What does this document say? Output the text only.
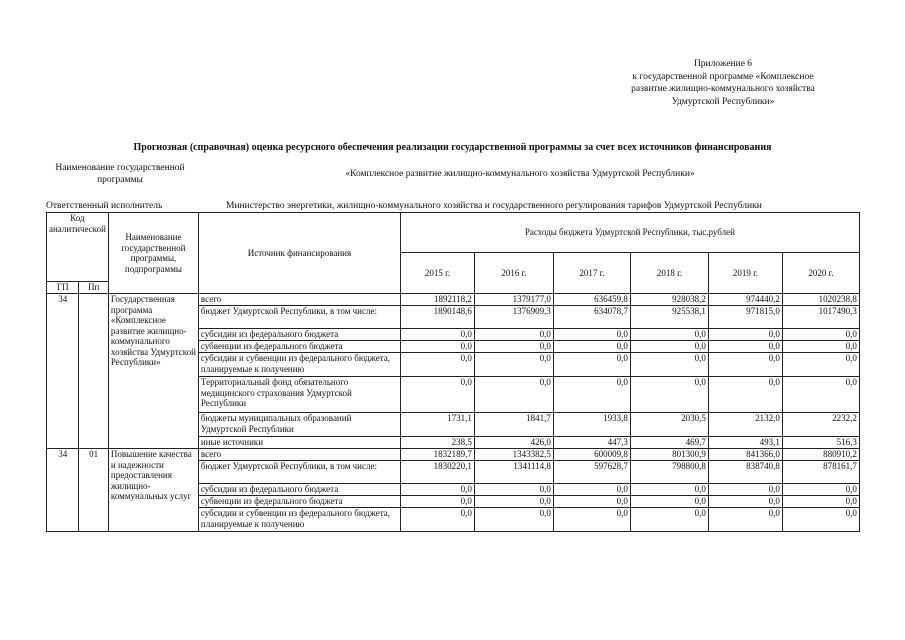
Приложение 6
к государственной программе «Комплексное
развитие жилищно-коммунального хозяйства
Удмуртской Республики»
Прогнозная (справочная) оценка ресурсного обеспечения реализации государственной программы за счет всех источников финансирования
Наименование государственной
программы
«Комплексное развитие жилищно-коммунального хозяйства Удмуртской Республики»
Ответственный исполнитель	Министерство энергетики, жилищно-коммунального хозяйства и государственного регулирования тарифов Удмуртской Республики
Код аналитической		Наименование государственной программы, подпрограммы	Источник финансирования	Расходы бюджета Удмуртской Республики, тыс.рублей					
				2015 г.	2016 г.	2017 г.	2018 г.	2019 г.	2020 г.
ГП	Пп								
34		Государственная программа «Комплексное развитие жилищно-коммунального хозяйства Удмуртской Республики»	всего	1892118,2	1379177,0	636459,8	928038,2	974440,2	1020238,8
			бюджет Удмуртской Республики, в том числе:	1890148,6	1376909,3	634078,7	925538,1	971815,0	1017490,3
			субсидии из федерального бюджета	0,0	0,0	0,0	0,0	0,0	0,0
			субвенции из федерального бюджета	0,0	0,0	0,0	0,0	0,0	0,0
			субсидии и субвенции из федерального бюджета, планируемые к получению	0,0	0,0	0,0	0,0	0,0	0,0
			Территориальный фонд обязательного медицинского страхования Удмуртской Республики	0,0	0,0	0,0	0,0	0,0	0,0
			бюджеты муниципальных образований Удмуртской Республики	1731,1	1841,7	1933,8	2030,5	2132,0	2232,2
			иные источники	238,5	426,0	447,3	469,7	493,1	516,3
34	01	Повышение качества и надежности предоставления жилищно-коммунальных услуг	всего	1832189,7	1343382,5	600009,8	801300,9	841366,0	880910,2
			бюджет Удмуртской Республики, в том числе:	1830220,1	1341114,8	597628,7	798800,8	838740,8	878161,7
			субсидии из федерального бюджета	0,0	0,0	0,0	0,0	0,0	0,0
			субвенции из федерального бюджета	0,0	0,0	0,0	0,0	0,0	0,0
			субсидии и субвенции из федерального бюджета, планируемые к получению	0,0	0,0	0,0	0,0	0,0	0,0
